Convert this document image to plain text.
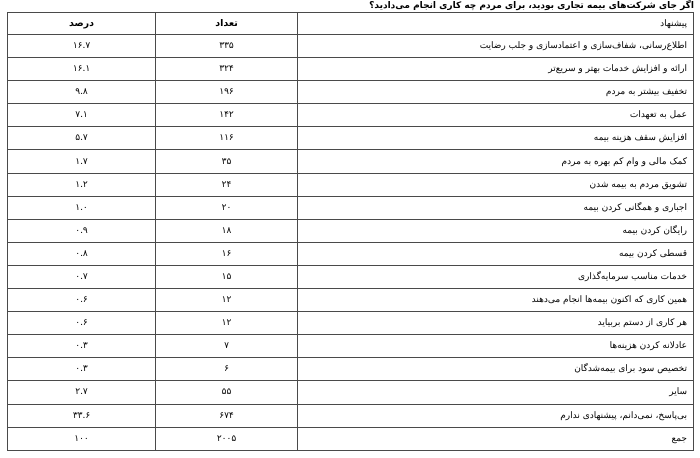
اگر جای شرکت‌های بیمه تجاری بودید، برای مردم چه کاری انجام می‌دادید؟
درصد	تعداد	پیشنهاد
۱۶.۷	۳۳۵	اطلاع‌رسانی، شفاف‌سازی و اعتمادسازی و جلب رضایت
۱۶.۱	۳۲۴	ارائه و افزایش خدمات بهتر و سریع‌تر
۹.۸	۱۹۶	تخفیف بیشتر به مردم
۷.۱	۱۴۲	عمل به تعهدات
۵.۷	۱۱۶	افزایش سقف هزینه بیمه
۱.۷	۳۵	کمک مالی و وام کم بهره به مردم
۱.۲	۲۴	تشویق مردم به بیمه شدن
۱.۰	۲۰	اجباری و همگانی کردن بیمه
۰.۹	۱۸	رایگان کردن بیمه
۰.۸	۱۶	قسطی کردن بیمه
۰.۷	۱۵	خدمات مناسب سرمایه‌گذاری
۰.۶	۱۲	همین کاری که اکنون بیمه‌ها انجام می‌دهند
۰.۶	۱۲	هر کاری از دستم بربیاید
۰.۳	۷	عادلانه کردن هزینه‌ها
۰.۳	۶	تخصیص سود برای بیمه‌شدگان
۲.۷	۵۵	سایر
۳۳.۶	۶۷۴	بی‌پاسخ، نمی‌دانم، پیشنهادی ندارم
۱۰۰	۲۰۰۵	جمع
